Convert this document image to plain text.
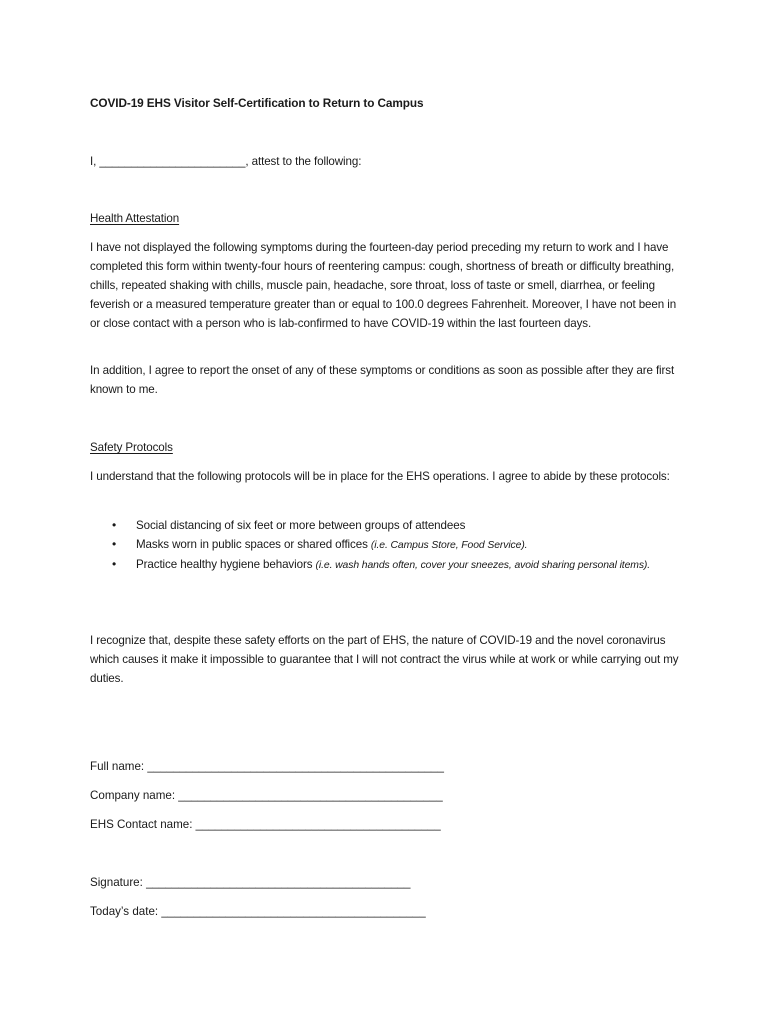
COVID-19 EHS Visitor Self-Certification to Return to Campus
I, _______________________, attest to the following:
Health Attestation
I have not displayed the following symptoms during the fourteen-day period preceding my return to work and I have completed this form within twenty-four hours of reentering campus: cough, shortness of breath or difficulty breathing, chills, repeated shaking with chills, muscle pain, headache, sore throat, loss of taste or smell, diarrhea, or feeling feverish or a measured temperature greater than or equal to 100.0 degrees Fahrenheit. Moreover, I have not been in or close contact with a person who is lab-confirmed to have COVID-19 within the last fourteen days.
In addition, I agree to report the onset of any of these symptoms or conditions as soon as possible after they are first known to me.
Safety Protocols
I understand that the following protocols will be in place for the EHS operations. I agree to abide by these protocols:
• Social distancing of six feet or more between groups of attendees
• Masks worn in public spaces or shared offices (i.e. Campus Store, Food Service).
• Practice healthy hygiene behaviors (i.e. wash hands often, cover your sneezes, avoid sharing personal items).
I recognize that, despite these safety efforts on the part of EHS, the nature of COVID-19 and the novel coronavirus which causes it make it impossible to guarantee that I will not contract the virus while at work or while carrying out my duties.
Full name: ______________________________________________
Company name: _________________________________________
EHS Contact name: ______________________________________
Signature: _________________________________________
Today’s date: _________________________________________
